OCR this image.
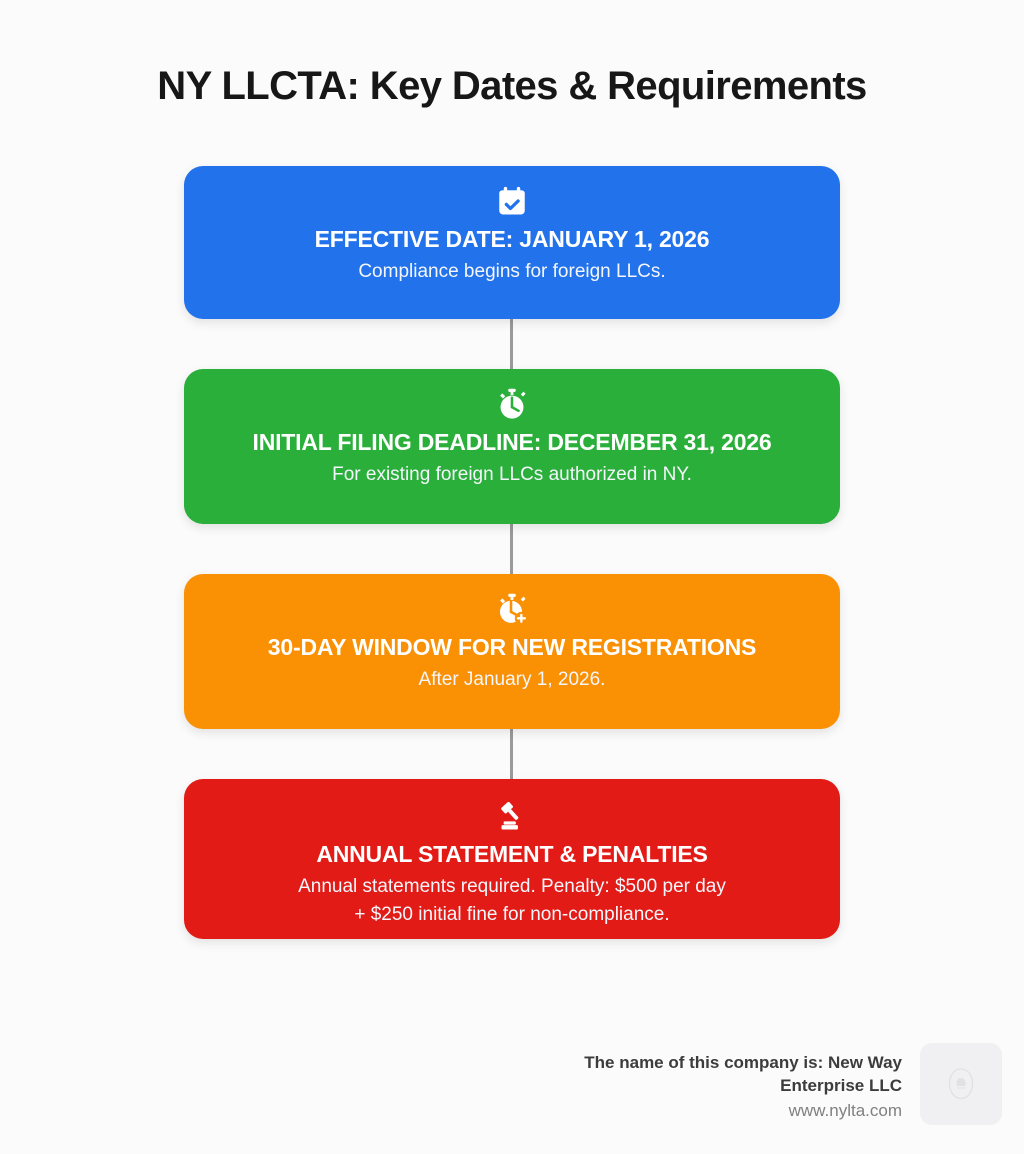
NY LLCTA: Key Dates & Requirements
EFFECTIVE DATE: JANUARY 1, 2026
Compliance begins for foreign LLCs.
INITIAL FILING DEADLINE: DECEMBER 31, 2026
For existing foreign LLCs authorized in NY.
30-DAY WINDOW FOR NEW REGISTRATIONS
After January 1, 2026.
ANNUAL STATEMENT & PENALTIES
Annual statements required. Penalty: $500 per day
+ $250 initial fine for non-compliance.
The name of this company is: New Way Enterprise LLC
www.nylta.com
